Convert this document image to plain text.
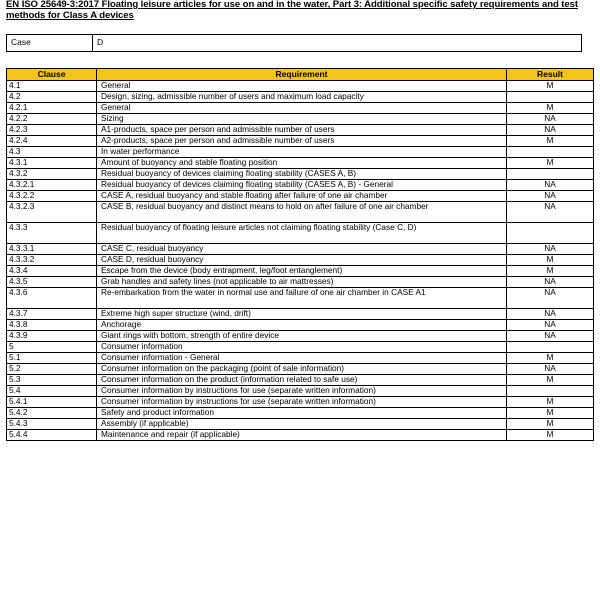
EN ISO 25649-3:2017 Floating leisure articles for use on and in the water, Part 3: Additional specific safety requirements and test methods for Class A devices
Case	D
Clause	Requirement	Result
4.1	General	M
4.2	Design, sizing, admissible number of users and maximum load capacity	
4.2.1	General	M
4.2.2	Sizing	NA
4.2.3	A1-products, space per person and admissible number of users	NA
4.2.4	A2-products, space per person and admissible number of users	M
4.3	In water performance	
4.3.1	Amount of buoyancy and stable floating position	M
4.3.2	Residual buoyancy of devices claiming floating stability (CASES A, B)	
4.3.2.1	Residual buoyancy of devices claiming floating stability (CASES A, B) - General	NA
4.3.2.2	CASE A, residual buoyancy and stable floating after failure of one air chamber	NA
4.3.2.3	CASE B, residual buoyancy and distinct means to hold on after failure of one air chamber	NA
4.3.3	Residual buoyancy of floating leisure articles not claiming floating stability (Case C, D)	
4.3.3.1	CASE C, residual buoyancy	NA
4.3.3.2	CASE D, residual buoyancy	M
4.3.4	Escape from the device (body entrapment, leg/foot entanglement)	M
4.3.5	Grab handles and safety lines (not applicable to air mattresses)	NA
4.3.6	Re-embarkation from the water in normal use and failure of one air chamber in CASE A1	NA
4.3.7	Extreme high super structure (wind, drift)	NA
4.3.8	Anchorage	NA
4.3.9	Giant rings with bottom, strength of entire device	NA
5	Consumer information	
5.1	Consumer information - General	M
5.2	Consumer information on the packaging (point of sale information)	NA
5.3	Consumer information on the product (information related to safe use)	M
5.4	Consumer information by instructions for use (separate written information)	
5.4.1	Consumer information by instructions for use (separate written information)	M
5.4.2	Safety and product information	M
5.4.3	Assembly (if applicable)	M
5.4.4	Maintenance and repair (if applicable)	M
